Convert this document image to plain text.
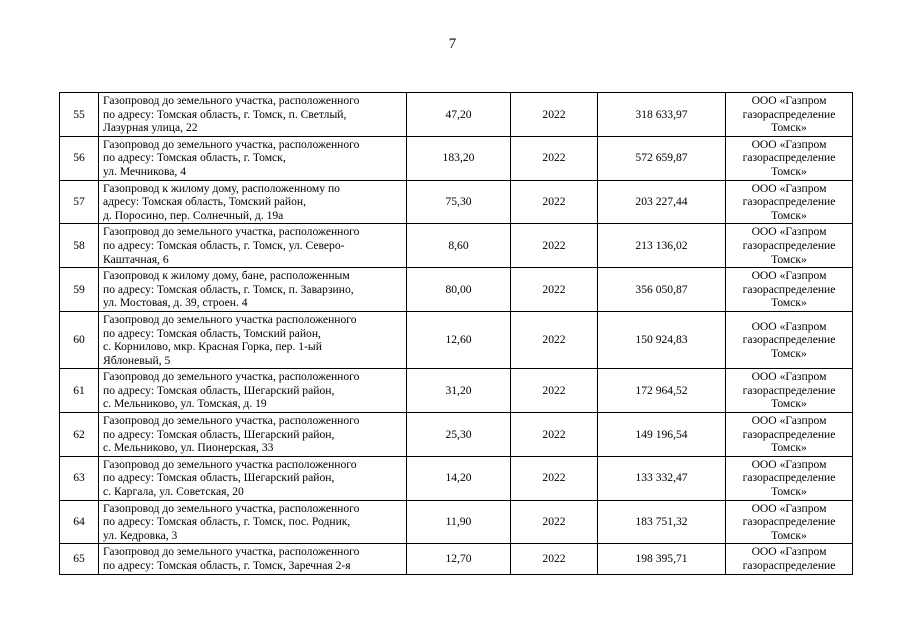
7
55	Газопровод до земельного участка, расположенного
по адресу: Томская область, г. Томск, п. Светлый,
Лазурная улица, 22	47,20	2022	318 633,97	ООО «Газпром
газораспределение
Томск»

56	Газопровод до земельного участка, расположенного
по адресу: Томская область, г. Томск,
ул. Мечникова, 4	183,20	2022	572 659,87	ООО «Газпром
газораспределение
Томск»

57	Газопровод к жилому дому, расположенному по
адресу: Томская область, Томский район,
д. Поросино, пер. Солнечный, д. 19а	75,30	2022	203 227,44	ООО «Газпром
газораспределение
Томск»

58	Газопровод до земельного участка, расположенного
по адресу: Томская область, г. Томск, ул. Северо-
Каштачная, 6	8,60	2022	213 136,02	ООО «Газпром
газораспределение
Томск»

59	Газопровод к жилому дому, бане, расположенным
по адресу: Томская область, г. Томск, п. Заварзино,
ул. Мостовая, д. 39, строен. 4	80,00	2022	356 050,87	ООО «Газпром
газораспределение
Томск»

60	Газопровод до земельного участка расположенного
по адресу: Томская область, Томский район,
с. Корнилово, мкр. Красная Горка, пер. 1-ый
Яблоневый, 5	12,60	2022	150 924,83	ООО «Газпром
газораспределение
Томск»

61	Газопровод до земельного участка, расположенного
по адресу: Томская область, Шегарский район,
с. Мельниково, ул. Томская, д. 19	31,20	2022	172 964,52	ООО «Газпром
газораспределение
Томск»

62	Газопровод до земельного участка, расположенного
по адресу: Томская область, Шегарский район,
с. Мельниково, ул. Пионерская, 33	25,30	2022	149 196,54	ООО «Газпром
газораспределение
Томск»

63	Газопровод до земельного участка расположенного
по адресу: Томская область, Шегарский район,
с. Каргала, ул. Советская, 20	14,20	2022	133 332,47	ООО «Газпром
газораспределение
Томск»

64	Газопровод до земельного участка, расположенного
по адресу: Томская область, г. Томск, пос. Родник,
ул. Кедровка, 3	11,90	2022	183 751,32	ООО «Газпром
газораспределение
Томск»

65	Газопровод до земельного участка, расположенного
по адресу: Томская область, г. Томск, Заречная 2-я	12,70	2022	198 395,71	ООО «Газпром
газораспределение
